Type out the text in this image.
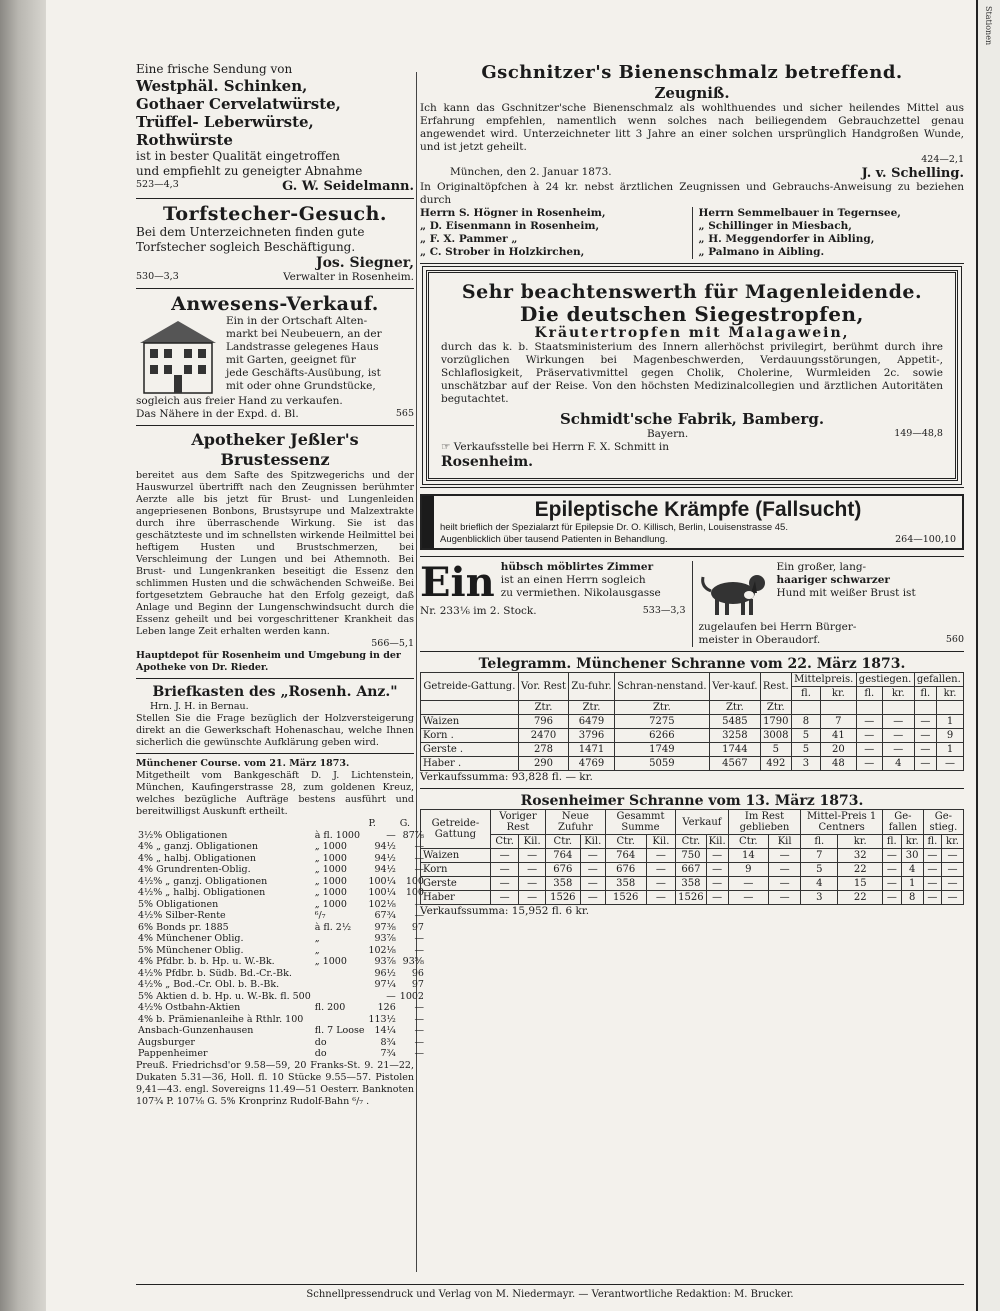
Stationen
Eine frische Sendung von
Westphäl. Schinken,
Gothaer Cervelatwürste,
Trüffel- Leberwürste,
Rothwürste
ist in bester Qualität eingetroffen
und empfiehlt zu geneigter Abnahme
523—4,3	G. W. Seidelmann.
Torfstecher-Gesuch.
Bei dem Unterzeichneten finden gute
Torfstecher sogleich Beschäftigung.
Jos. Siegner,
530—3,3	Verwalter in Rosenheim.
Anwesens-Verkauf.
Ein in der Ortschaft Alten-
markt bei Neubeuern, an der
Landstrasse gelegenes Haus
mit Garten, geeignet für
jede Geschäfts-Ausübung, ist
mit oder ohne Grundstücke,
sogleich aus freier Hand zu verkaufen.
Das Nähere in der Expd. d. Bl.	565
Apotheker Jeßler's Brustessenz
bereitet aus dem Safte des Spitzwegerichs und der Hauswurzel übertrifft nach den Zeugnissen berühmter Aerzte alle bis jetzt für Brust- und Lungenleiden angepriesenen Bonbons, Brustsyrupe und Malzextrakte durch ihre überraschende Wirkung. Sie ist das geschätzteste und im schnellsten wirkende Heilmittel bei heftigem Husten und Brustschmerzen, bei Verschleimung der Lungen und bei Athemnoth. Bei Brust- und Lungenkranken beseitigt die Essenz den schlimmen Husten und die schwächenden Schweiße. Bei fortgesetztem Gebrauche hat den Erfolg gezeigt, daß Anlage und Beginn der Lungenschwindsucht durch die Essenz geheilt und bei vorgeschrittener Krankheit das Leben lange Zeit erhalten werden kann.
566—5,1
Hauptdepot für Rosenheim und Umgebung in der Apotheke von Dr. Rieder.
Briefkasten des „Rosenh. Anz."
Hrn. J. H. in Bernau.
Stellen Sie die Frage bezüglich der Holzversteigerung direkt an die Gewerkschaft Hohenaschau, welche Ihnen sicherlich die gewünschte Aufklärung geben wird.
Münchener Course. vom 21. März 1873.
Mitgetheilt vom Bankgeschäft D. J. Lichtenstein, München, Kaufingerstrasse 28, zum goldenen Kreuz, welches bezügliche Aufträge bestens ausführt und bereitwilligst Auskunft ertheilt.
		P.	G.
3½% Obligationen	à fl. 1000	—	87⅞
4% „ ganzj. Obligationen	„ 1000	94½	—
4% „ halbj. Obligationen	„ 1000	94½	—
4% Grundrenten-Oblig.	„ 1000	94½	—
4½% „ ganzj. Obligationen	„ 1000	100¼	100
4½% „ halbj. Obligationen	„ 1000	100¼	100
5% Obligationen	„ 1000	102⅛	—
4½% Silber-Rente	⁶/₇	67¾	—
6% Bonds pr. 1885	à fl. 2½	97⅜	97
4% Münchener Oblig.	„	93⅞	—
5% Münchener Oblig.	„	102⅛	—
4% Pfdbr. b. b. Hp. u. W.-Bk.	„ 1000	93⅞	93⅝
4½% Pfdbr. b. Südb. Bd.-Cr.-Bk.		96½	96
4½% „ Bod.-Cr. Obl. b. B.-Bk.		97¼	97
5% Aktien d. b. Hp. u. W.-Bk. fl. 500		—	1002
4½% Ostbahn-Aktien	fl. 200	126	—
4% b. Prämienanleihe à Rthlr. 100		113½	—
Ansbach-Gunzenhausen	fl. 7 Loose	14¼	—
Augsburger	do	8¾	—
Pappenheimer	do	7¾	—
Preuß. Friedrichsd'or 9.58—59, 20 Franks-St. 9. 21—22, Dukaten 5.31—36, Holl. fl. 10 Stücke 9.55—57. Pistolen 9,41—43. engl. Sovereigns 11.49—51 Oesterr. Banknoten 107¾ P. 107⅛ G. 5% Kronprinz Rudolf-Bahn ⁶/₇ .
Gschnitzer's Bienenschmalz betreffend.
Zeugniß.
Ich kann das Gschnitzer'sche Bienenschmalz als wohlthuendes und sicher heilendes Mittel aus Erfahrung empfehlen, namentlich wenn solches nach beiliegendem Gebrauchzettel genau angewendet wird. Unterzeichneter litt 3 Jahre an einer solchen ursprünglich Handgroßen Wunde, und ist jetzt geheilt.
424—2,1
München, den 2. Januar 1873.	J. v. Schelling.
In Originaltöpfchen à 24 kr. nebst ärztlichen Zeugnissen und Gebrauchs-Anweisung zu beziehen durch
Herrn S. Högner in Rosenheim,
„ D. Eisenmann in Rosenheim,
„ F. X. Pammer „
„ C. Strober in Holzkirchen,
Herrn Semmelbauer in Tegernsee,
„ Schillinger in Miesbach,
„ H. Meggendorfer in Aibling,
„ Palmano in Aibling.
Sehr beachtenswerth für Magenleidende.
Die deutschen Siegestropfen,
Kräutertropfen mit Malagawein,
durch das k. b. Staatsministerium des Innern allerhöchst privilegirt, berühmt durch ihre vorzüglichen Wirkungen bei Magenbeschwerden, Verdauungsstörungen, Appetit-, Schlaflosigkeit, Präservativmittel gegen Cholik, Cholerine, Wurmleiden 2c. sowie unschätzbar auf der Reise. Von den höchsten Medizinalcollegien und ärztlichen Autoritäten begutachtet.
Schmidt'sche Fabrik, Bamberg.
Bayern.	149—48,8
☞ Verkaufsstelle bei Herrn F. X. Schmitt in
Rosenheim.
Epileptische Krämpfe (Fallsucht)
heilt brieflich der Spezialarzt für Epilepsie Dr. O. Killisch, Berlin, Louisenstrasse 45.
Augenblicklich über tausend Patienten in Behandlung.	264—100,10
Ein hübsch möblirtes Zimmer
ist an einen Herrn sogleich
zu vermiethen. Nikolausgasse
Nr. 233⅙ im 2. Stock.	533—3,3
Ein großer, lang-
haariger schwarzer
Hund mit weißer Brust ist
zugelaufen bei Herrn Bürger-
meister in Oberaudorf.	560
Telegramm. Münchener Schranne vom 22. März 1873.
Getreide-Gattung.	Vor. Rest	Zu-fuhr.	Schran-nenstand.	Ver-kauf.	Rest.	Mittelpreis.		gestiegen.		gefallen.	
						fl.	kr.	fl.	kr.	fl.	kr.
	Ztr.	Ztr.	Ztr.	Ztr.	Ztr.						
Waizen	796	6479	7275	5485	1790	8	7	—	—	—	1
Korn .	2470	3796	6266	3258	3008	5	41	—	—	—	9
Gerste .	278	1471	1749	1744	5	5	20	—	—	—	1
Haber .	290	4769	5059	4567	492	3	48	—	4	—	—
Verkaufssumma: 93,828 fl. — kr.
Rosenheimer Schranne vom 13. März 1873.
Getreide-Gattung	Voriger Rest		Neue Zufuhr		Gesammt Summe		Verkauf		Im Rest geblieben		Mittel-Preis 1 Centners		Ge-fallen		Ge-stieg.	
	Ctr.	Kil.	Ctr.	Kil.	Ctr.	Kil.	Ctr.	Kil.	Ctr.	Kil	fl.	kr.	fl.	kr.	fl.	kr.
Waizen	—	—	764	—	764	—	750	—	14	—	7	32	—	30	—	—
Korn	—	—	676	—	676	—	667	—	9	—	5	22	—	4	—	—
Gerste	—	—	358	—	358	—	358	—	—	—	4	15	—	1	—	—
Haber	—	—	1526	—	1526	—	1526	—	—	—	3	22	—	8	—	—
Verkaufssumma: 15,952 fl. 6 kr.
Schnellpressendruck und Verlag von M. Niedermayr. — Verantwortliche Redaktion: M. Brucker.
